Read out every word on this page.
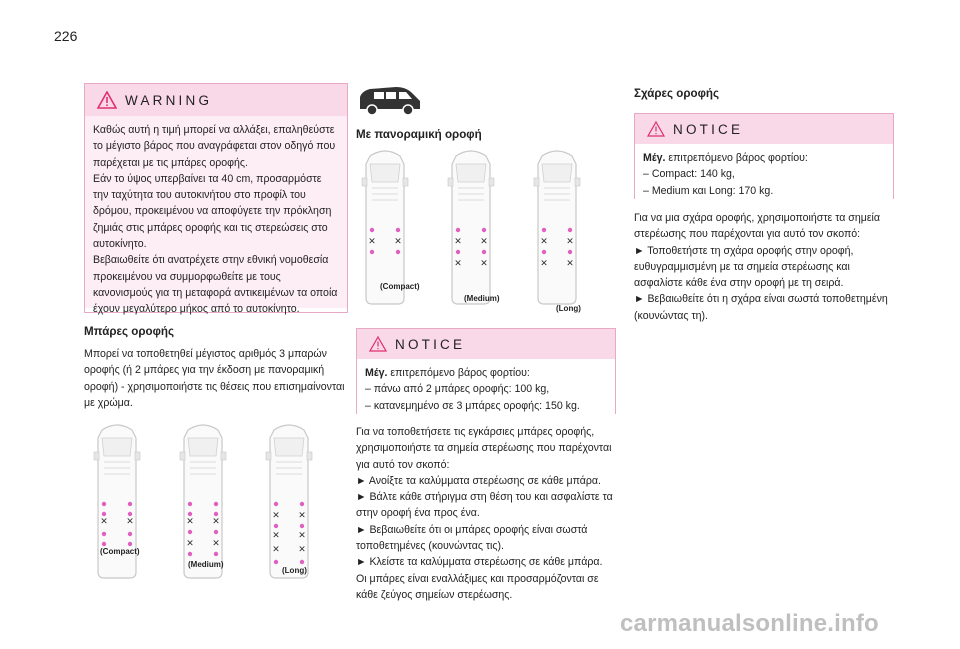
226
WARNING

Καθώς αυτή η τιμή μπορεί να αλλάξει, επαληθεύστε

το μέγιστο βάρος που αναγράφεται στον οδηγό που

παρέχεται με τις μπάρες οροφής.

Εάν το ύψος υπερβαίνει τα 40 cm, προσαρμόστε

την ταχύτητα του αυτοκινήτου στο προφίλ του

δρόμου, προκειμένου να αποφύγετε την πρόκληση

ζημιάς στις μπάρες οροφής και τις στερεώσεις στο

αυτοκίνητο.

Βεβαιωθείτε ότι ανατρέχετε στην εθνική νομοθεσία

προκειμένου να συμμορφωθείτε με τους

κανονισμούς για τη μεταφορά αντικειμένων τα οποία

έχουν μεγαλύτερο μήκος από το αυτοκίνητο.

Μπάρες οροφής

Μπορεί να τοποθετηθεί μέγιστος αριθμός 3 μπαρών

οροφής (ή 2 μπάρες για την έκδοση με πανοραμική

οροφή) - χρησιμοποιήστε τις θέσεις που επισημαίνονται

με χρώμα.

✕ ✕	✕ ✕
✕ ✕
✕ ✕
✕ ✕
✕ ✕
(Compact)
(Medium)
(Long)
Με πανοραμική οροφή
✕ ✕	✕ ✕
✕ ✕
✕ ✕
✕ ✕
(Compact)
(Medium)
(Long)
NOTICE

Μέγ. επιτρεπόμενο βάρος φορτίου:

– πάνω από 2 μπάρες οροφής: 100 kg,

– κατανεμημένο σε 3 μπάρες οροφής: 150 kg.

Για να τοποθετήσετε τις εγκάρσιες μπάρες οροφής,

χρησιμοποιήστε τα σημεία στερέωσης που παρέχονται

για αυτό τον σκοπό:

► Ανοίξτε τα καλύμματα στερέωσης σε κάθε μπάρα.

► Βάλτε κάθε στήριγμα στη θέση του και ασφαλίστε τα

στην οροφή ένα προς ένα.

► Βεβαιωθείτε ότι οι μπάρες οροφής είναι σωστά

τοποθετημένες (κουνώντας τις).

► Κλείστε τα καλύμματα στερέωσης σε κάθε μπάρα.

Οι μπάρες είναι εναλλάξιμες και προσαρμόζονται σε

κάθε ζεύγος σημείων στερέωσης.

Σχάρες οροφής
NOTICE

Μέγ. επιτρεπόμενο βάρος φορτίου:

– Compact: 140 kg,

– Medium και Long: 170 kg.

Για να μια σχάρα οροφής, χρησιμοποιήστε τα σημεία

στερέωσης που παρέχονται για αυτό τον σκοπό:

► Τοποθετήστε τη σχάρα οροφής στην οροφή,

ευθυγραμμισμένη με τα σημεία στερέωσης και

ασφαλίστε κάθε ένα στην οροφή με τη σειρά.

► Βεβαιωθείτε ότι η σχάρα είναι σωστά τοποθετημένη

(κουνώντας τη).

carmanualsonline.info
